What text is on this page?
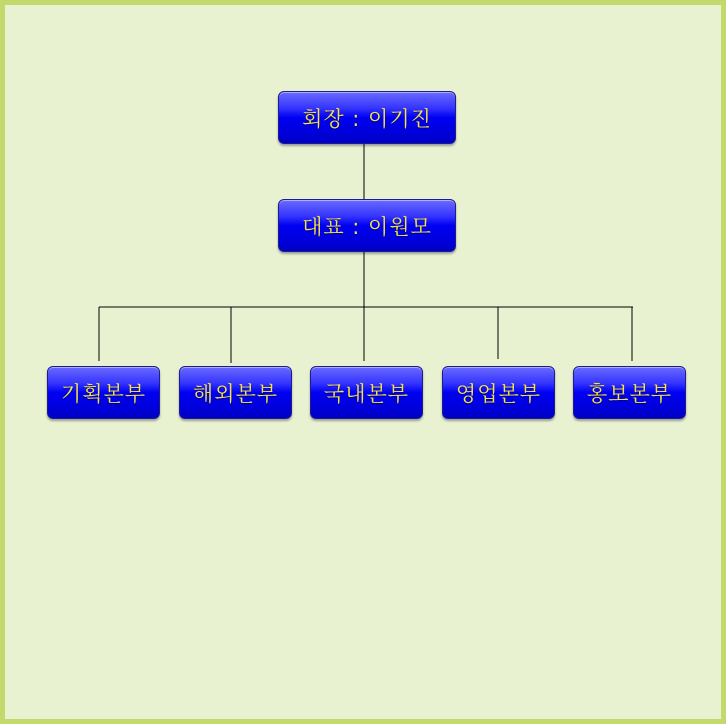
회장 : 이기진
대표 : 이원모
기획본부 해외본부 국내본부 영업본부 홍보본부
